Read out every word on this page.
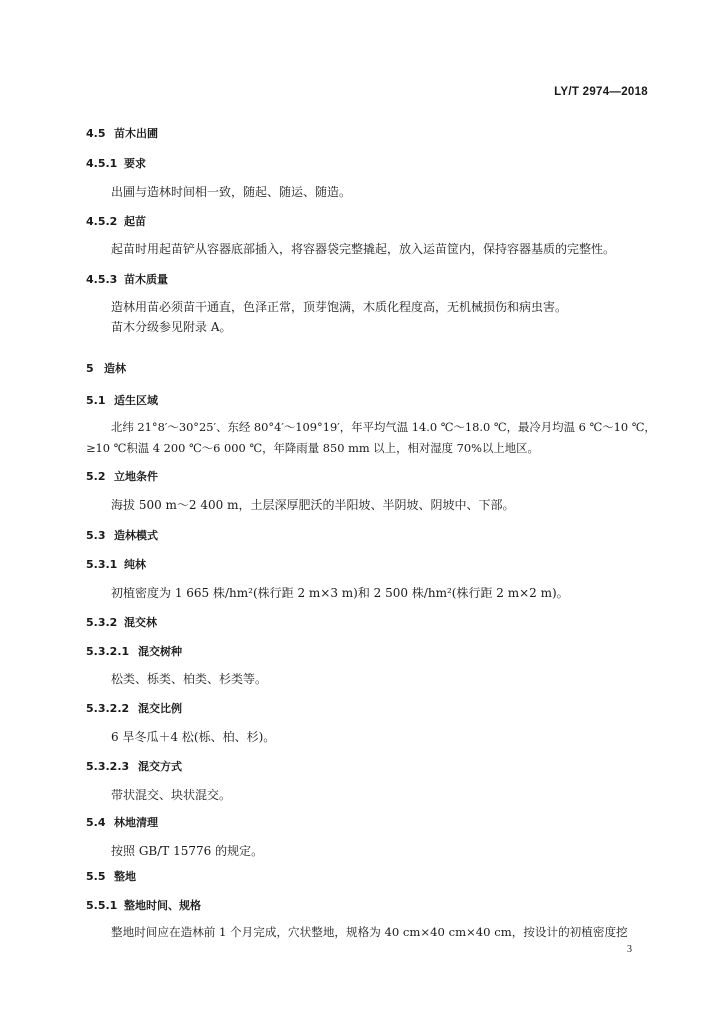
LY/T 2974—2018
4.5 苗木出圃
4.5.1 要求
出圃与造林时间相一致，随起、随运、随造。
4.5.2 起苗
起苗时用起苗铲从容器底部插入，将容器袋完整撬起，放入运苗筐内，保持容器基质的完整性。
4.5.3 苗木质量
造林用苗必须苗干通直，色泽正常，顶芽饱满，木质化程度高，无机械损伤和病虫害。
苗木分级参见附录 A。
5 造林
5.1 适生区域
北纬 21°8′～30°25′、东经 80°4′～109°19′，年平均气温 14.0 ℃～18.0 ℃，最冷月均温 6 ℃～10 ℃，
≥10 ℃积温 4 200 ℃～6 000 ℃，年降雨量 850 mm 以上，相对湿度 70%以上地区。
5.2 立地条件
海拔 500 m～2 400 m，土层深厚肥沃的半阳坡、半阴坡、阴坡中、下部。
5.3 造林模式
5.3.1 纯林
初植密度为 1 665 株/hm²(株行距 2 m×3 m)和 2 500 株/hm²(株行距 2 m×2 m)。
5.3.2 混交林
5.3.2.1 混交树种
松类、栎类、柏类、杉类等。
5.3.2.2 混交比例
6 旱冬瓜＋4 松(栎、柏、杉)。
5.3.2.3 混交方式
带状混交、块状混交。
5.4 林地清理
按照 GB/T 15776 的规定。
5.5 整地
5.5.1 整地时间、规格
整地时间应在造林前 1 个月完成，穴状整地，规格为 40 cm×40 cm×40 cm，按设计的初植密度挖
3
